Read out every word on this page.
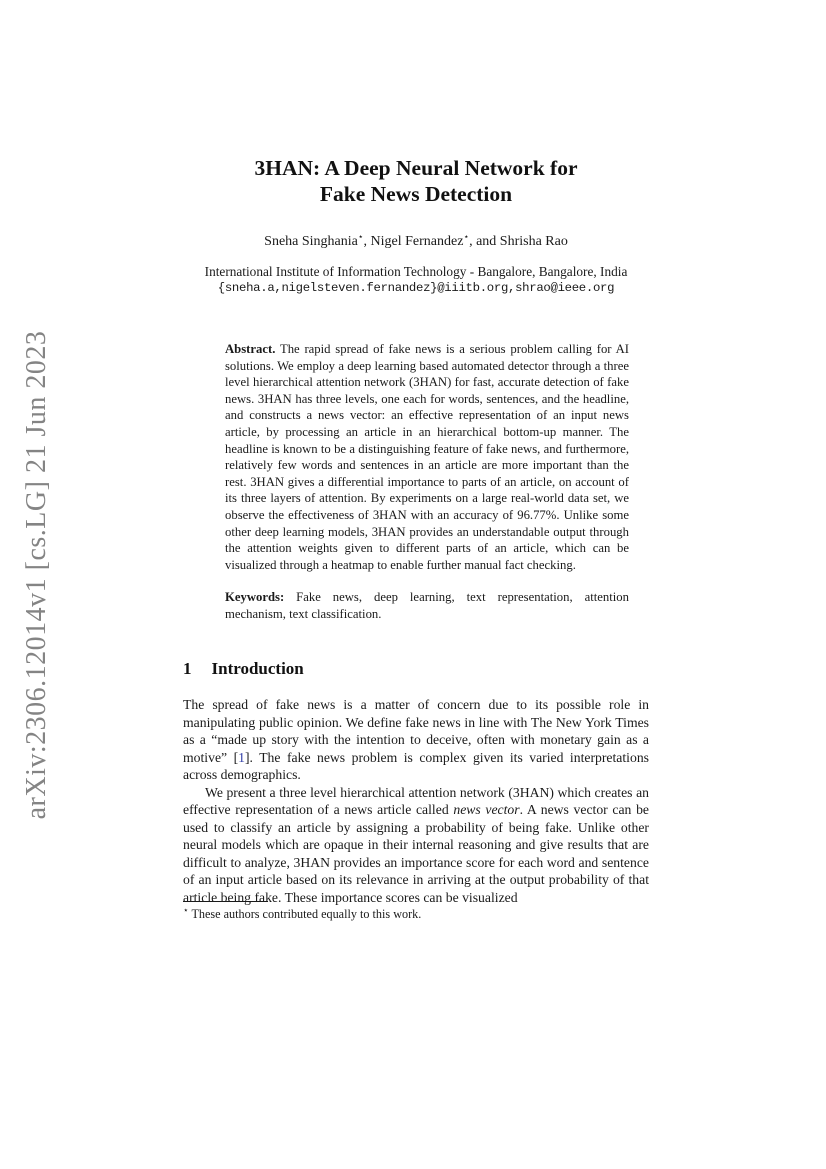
arXiv:2306.12014v1 [cs.LG] 21 Jun 2023
3HAN: A Deep Neural Network for
Fake News Detection
Sneha Singhania⋆, Nigel Fernandez⋆, and Shrisha Rao
International Institute of Information Technology - Bangalore, Bangalore, India
{sneha.a,nigelsteven.fernandez}@iiitb.org,shrao@ieee.org

Abstract. The rapid spread of fake news is a serious problem calling for AI solutions. We employ a deep learning based automated detector through a three level hierarchical attention network (3HAN) for fast, accurate detection of fake news. 3HAN has three levels, one each for words, sentences, and the headline, and constructs a news vector: an effective representation of an input news article, by processing an article in an hierarchical bottom-up manner. The headline is known to be a distinguishing feature of fake news, and furthermore, relatively few words and sentences in an article are more important than the rest. 3HAN gives a differential importance to parts of an article, on account of its three layers of attention. By experiments on a large real-world data set, we observe the effectiveness of 3HAN with an accuracy of 96.77%. Unlike some other deep learning models, 3HAN provides an understandable output through the attention weights given to different parts of an article, which can be visualized through a heatmap to enable further manual fact checking.

Keywords: Fake news, deep learning, text representation, attention mechanism, text classification.

1 Introduction

The spread of fake news is a matter of concern due to its possible role in manipulating public opinion. We define fake news in line with The New York Times as a “made up story with the intention to deceive, often with monetary gain as a motive” [1]. The fake news problem is complex given its varied interpretations across demographics.

We present a three level hierarchical attention network (3HAN) which creates an effective representation of a news article called news vector. A news vector can be used to classify an article by assigning a probability of being fake. Unlike other neural models which are opaque in their internal reasoning and give results that are difficult to analyze, 3HAN provides an importance score for each word and sentence of an input article based on its relevance in arriving at the output probability of that article being fake. These importance scores can be visualized

⋆ These authors contributed equally to this work.
